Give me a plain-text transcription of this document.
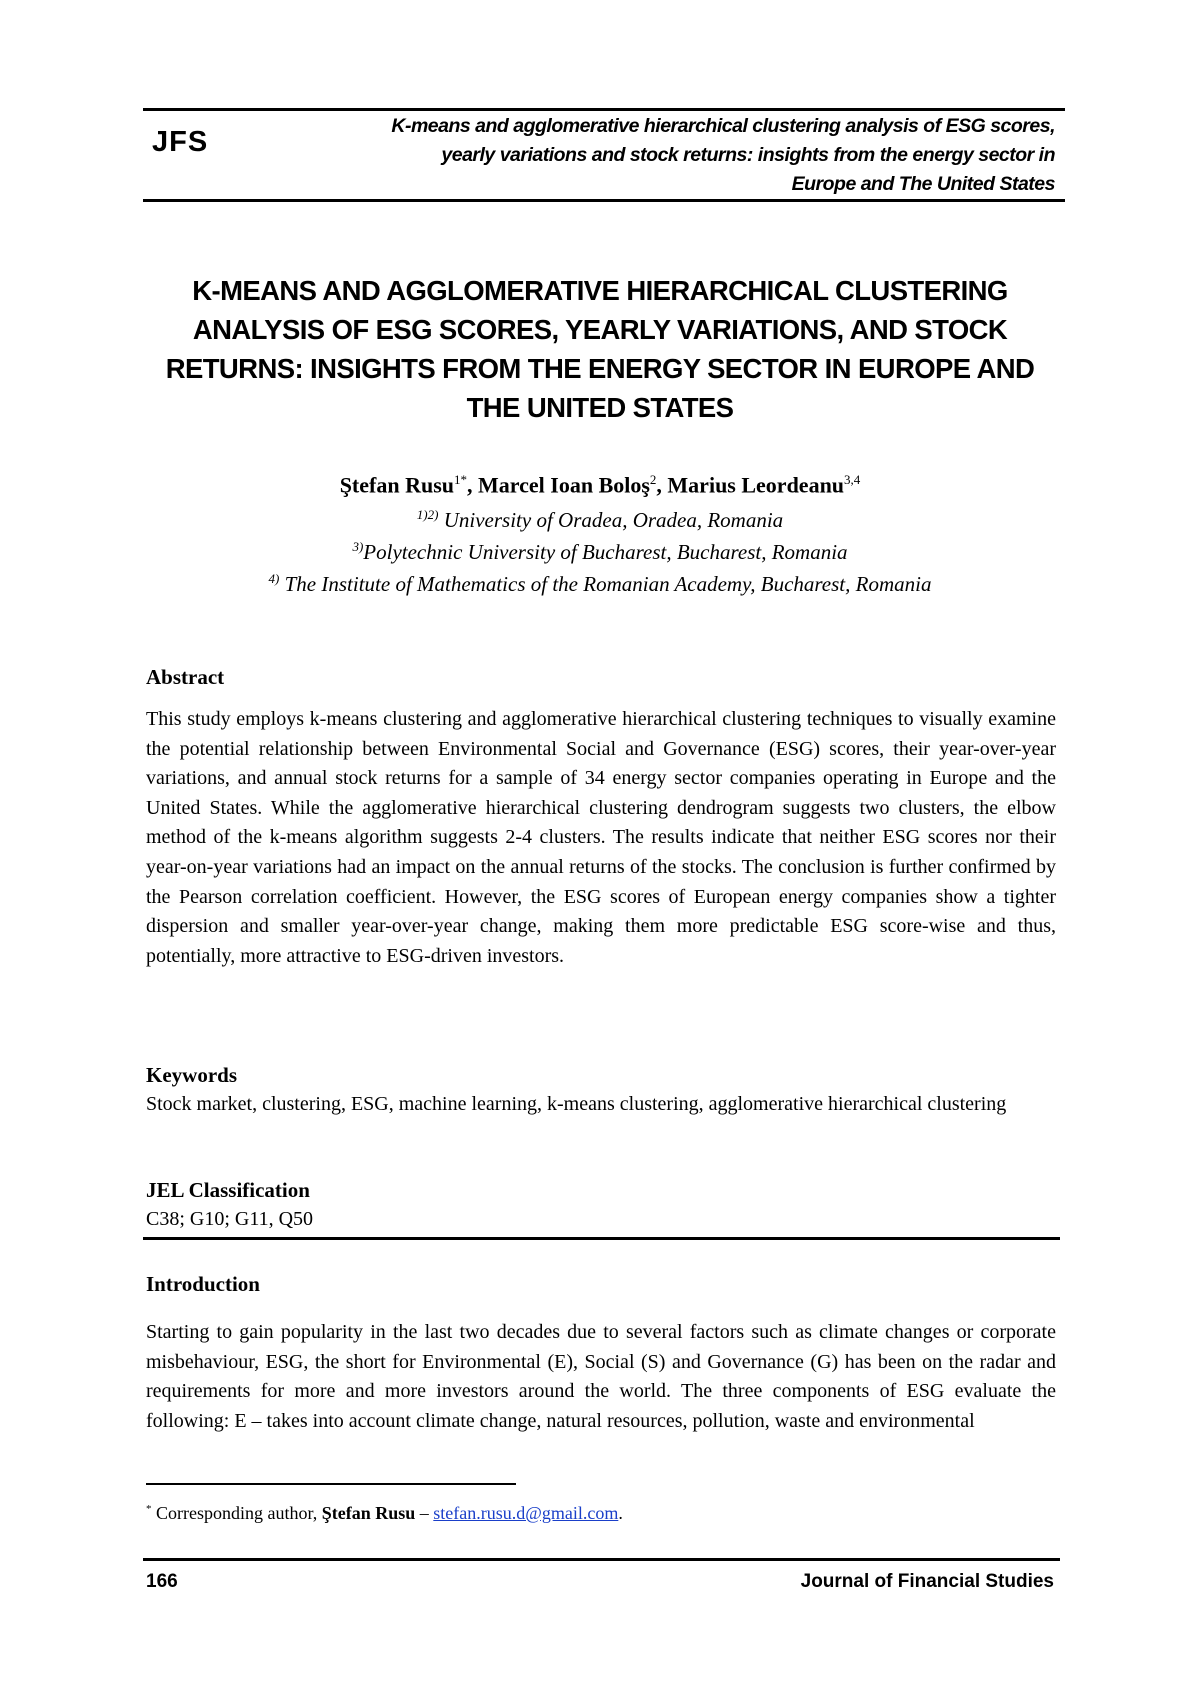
JFS	K-means and agglomerative hierarchical clustering analysis of ESG scores,
yearly variations and stock returns: insights from the energy sector in
Europe and The United States
K-MEANS AND AGGLOMERATIVE HIERARCHICAL CLUSTERING
ANALYSIS OF ESG SCORES, YEARLY VARIATIONS, AND STOCK
RETURNS: INSIGHTS FROM THE ENERGY SECTOR IN EUROPE AND
THE UNITED STATES
Ştefan Rusu$^{1*}$, Marcel Ioan Boloş$^2$, Marius Leordeanu$^{3,4}$
$^{1)2)}$ University of Oradea, Oradea, Romania
$^{3)}$Polytechnic University of Bucharest, Bucharest, Romania
$^{4)}$ The Institute of Mathematics of the Romanian Academy, Bucharest, Romania
Abstract
This study employs k-means clustering and agglomerative hierarchical clustering techniques to visually examine the potential relationship between Environmental Social and Governance (ESG) scores, their year-over-year variations, and annual stock returns for a sample of 34 energy sector companies operating in Europe and the United States. While the agglomerative hierarchical clustering dendrogram suggests two clusters, the elbow method of the k-means algorithm suggests 2-4 clusters. The results indicate that neither ESG scores nor their year-on-year variations had an impact on the annual returns of the stocks. The conclusion is further confirmed by the Pearson correlation coefficient. However, the ESG scores of European energy companies show a tighter dispersion and smaller year-over-year change, making them more predictable ESG score-wise and thus, potentially, more attractive to ESG-driven investors.
Keywords
Stock market, clustering, ESG, machine learning, k-means clustering, agglomerative hierarchical clustering
JEL Classification
C38; G10; G11, Q50
Introduction
Starting to gain popularity in the last two decades due to several factors such as climate changes or corporate misbehaviour, ESG, the short for Environmental (E), Social (S) and Governance (G) has been on the radar and requirements for more and more investors around the world. The three components of ESG evaluate the following: E – takes into account climate change, natural resources, pollution, waste and environmental
* Corresponding author, Ştefan Rusu – stefan.rusu.d@gmail.com.
166	Journal of Financial Studies
